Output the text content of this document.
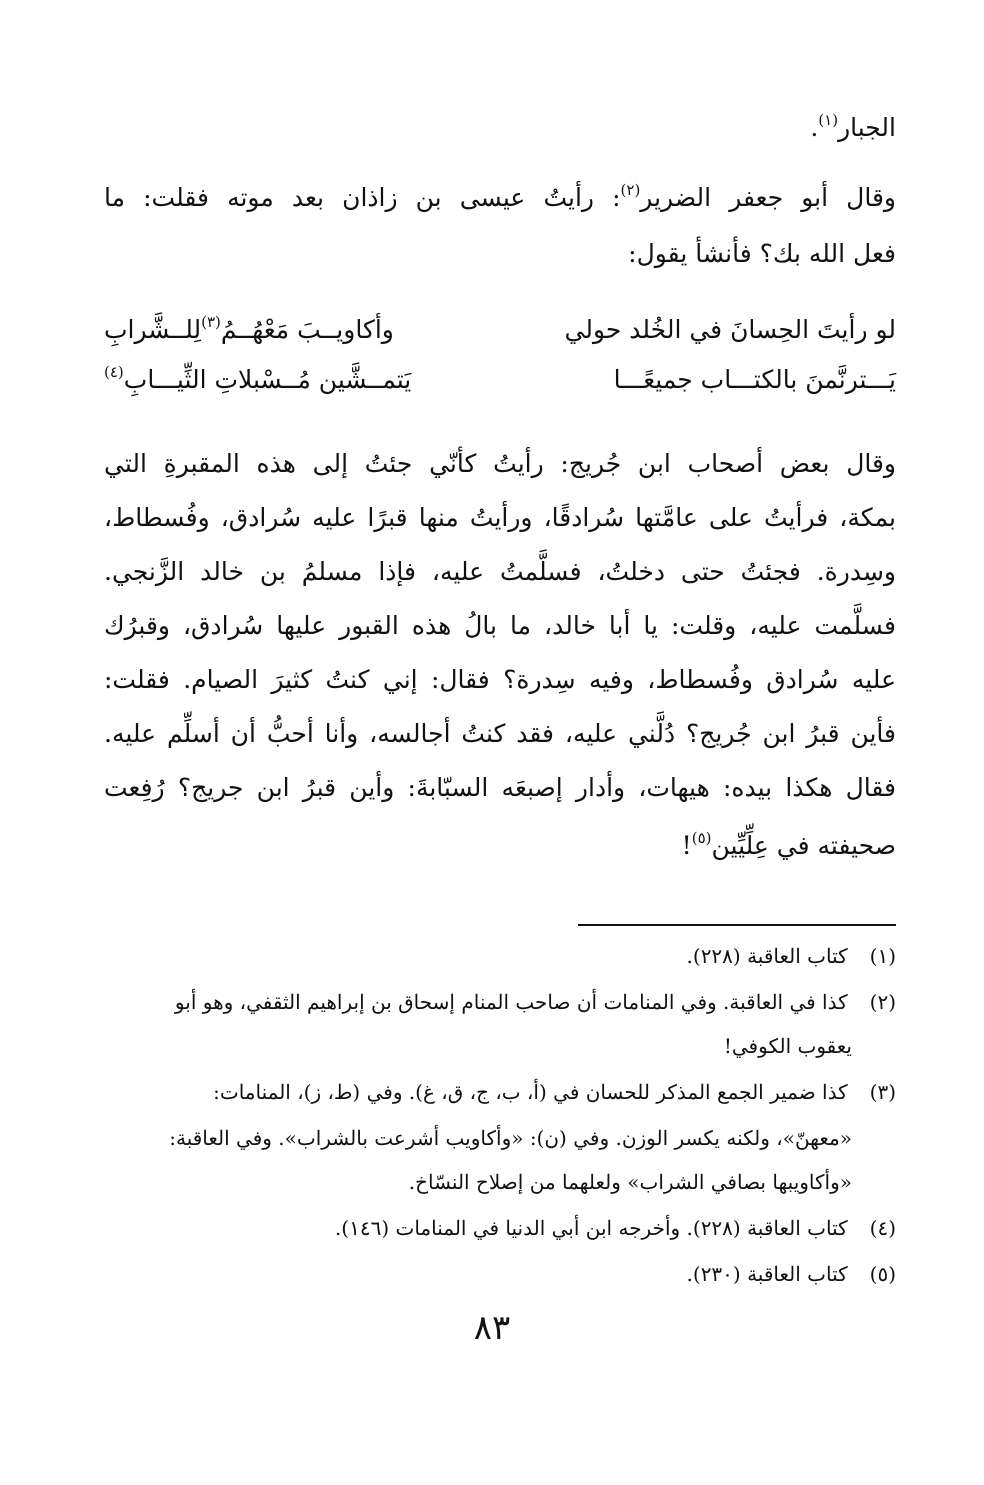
الجبار$^{(١)}$.
وقال أبو جعفر الضرير$^{(٢)}$: رأيتُ عيسى بن زاذان بعد موته فقلت: ما
فعل الله بك؟ فأنشأ يقول:
لو رأيتَ الحِسانَ في الخُلد حولي
وأكاويــبَ مَعْهُــمُ$^{(٣)}$لِلــشَّرابِ
يَـــترنَّمنَ بالكتـــاب جميعًـــا
يَتمــشَّين مُــسْبلاتِ الثِّيـــابِ$^{(٤)}$
وقال بعض أصحاب ابن جُريج: رأيتُ كأنّي جئتُ إلى هذه المقبرةِ التي
بمكة، فرأيتُ على عامَّتها سُرادقًا، ورأيتُ منها قبرًا عليه سُرادق، وفُسطاط،
وسِدرة. فجئتُ حتى دخلتُ، فسلَّمتُ عليه، فإذا مسلمُ بن خالد الزَّنجي.
فسلَّمت عليه، وقلت: يا أبا خالد، ما بالُ هذه القبور عليها سُرادق، وقبرُك
عليه سُرادق وفُسطاط، وفيه سِدرة؟ فقال: إني كنتُ كثيرَ الصيام. فقلت:
فأين قبرُ ابن جُريج؟ دُلَّني عليه، فقد كنتُ أجالسه، وأنا أحبُّ أن أسلِّم عليه.
فقال هكذا بيده: هيهات، وأدار إصبعَه السبّابةَ: وأين قبرُ ابن جريج؟ رُفِعت
صحيفته في عِلِّيِّين$^{(٥)}$!
(١) كتاب العاقبة (٢٢٨).
(٢) كذا في العاقبة. وفي المنامات أن صاحب المنام إسحاق بن إبراهيم الثقفي، وهو أبو
يعقوب الكوفي!
(٣) كذا ضمير الجمع المذكر للحسان في (أ، ب، ج، ق، غ). وفي (ط، ز)، المنامات:
«معهنّ»، ولكنه يكسر الوزن. وفي (ن): «وأكاويب أشرعت بالشراب». وفي العاقبة:
«وأكاويبها بصافي الشراب» ولعلهما من إصلاح النسّاخ.
(٤) كتاب العاقبة (٢٢٨). وأخرجه ابن أبي الدنيا في المنامات (١٤٦).
(٥) كتاب العاقبة (٢٣٠).
٨٣
